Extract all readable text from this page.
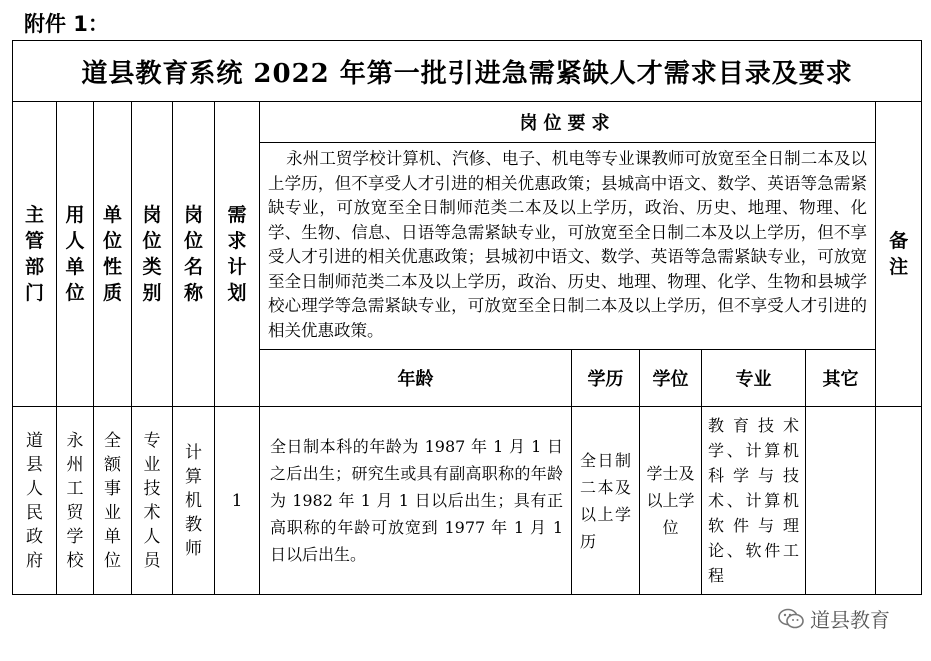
附件 1：
道县教育系统 2022 年第一批引进急需紧缺人才需求目录及要求											
主管部门	用人单位	单位性质	岗位类别	岗位名称	需求计划	岗位要求					备注
						永州工贸学校计算机、汽修、电子、机电等专业课教师可放宽至全日制二本及以上学历，但不享受人才引进的相关优惠政策；县城高中语文、数学、英语等急需紧缺专业，可放宽至全日制师范类二本及以上学历，政治、历史、地理、物理、化学、生物、信息、日语等急需紧缺专业，可放宽至全日制二本及以上学历，但不享受人才引进的相关优惠政策；县城初中语文、数学、英语等急需紧缺专业，可放宽至全日制师范类二本及以上学历，政治、历史、地理、物理、化学、生物和县城学校心理学等急需紧缺专业，可放宽至全日制二本及以上学历，但不享受人才引进的相关优惠政策。					
						年龄	学历	学位	专业	其它	
道县人民政府	永州工贸学校	全额事业单位	专业技术人员	计算机教师	1	全日制本科的年龄为 1987 年 1 月 1 日之后出生；研究生或具有副高职称的年龄为 1982 年 1 月 1 日以后出生；具有正高职称的年龄可放宽到 1977 年 1 月 1 日以后出生。	全日制二本及以上学历	学士及以上学位	教育技术学、计算机科学与技术、计算机软件与理论、软件工程		
道县教育
